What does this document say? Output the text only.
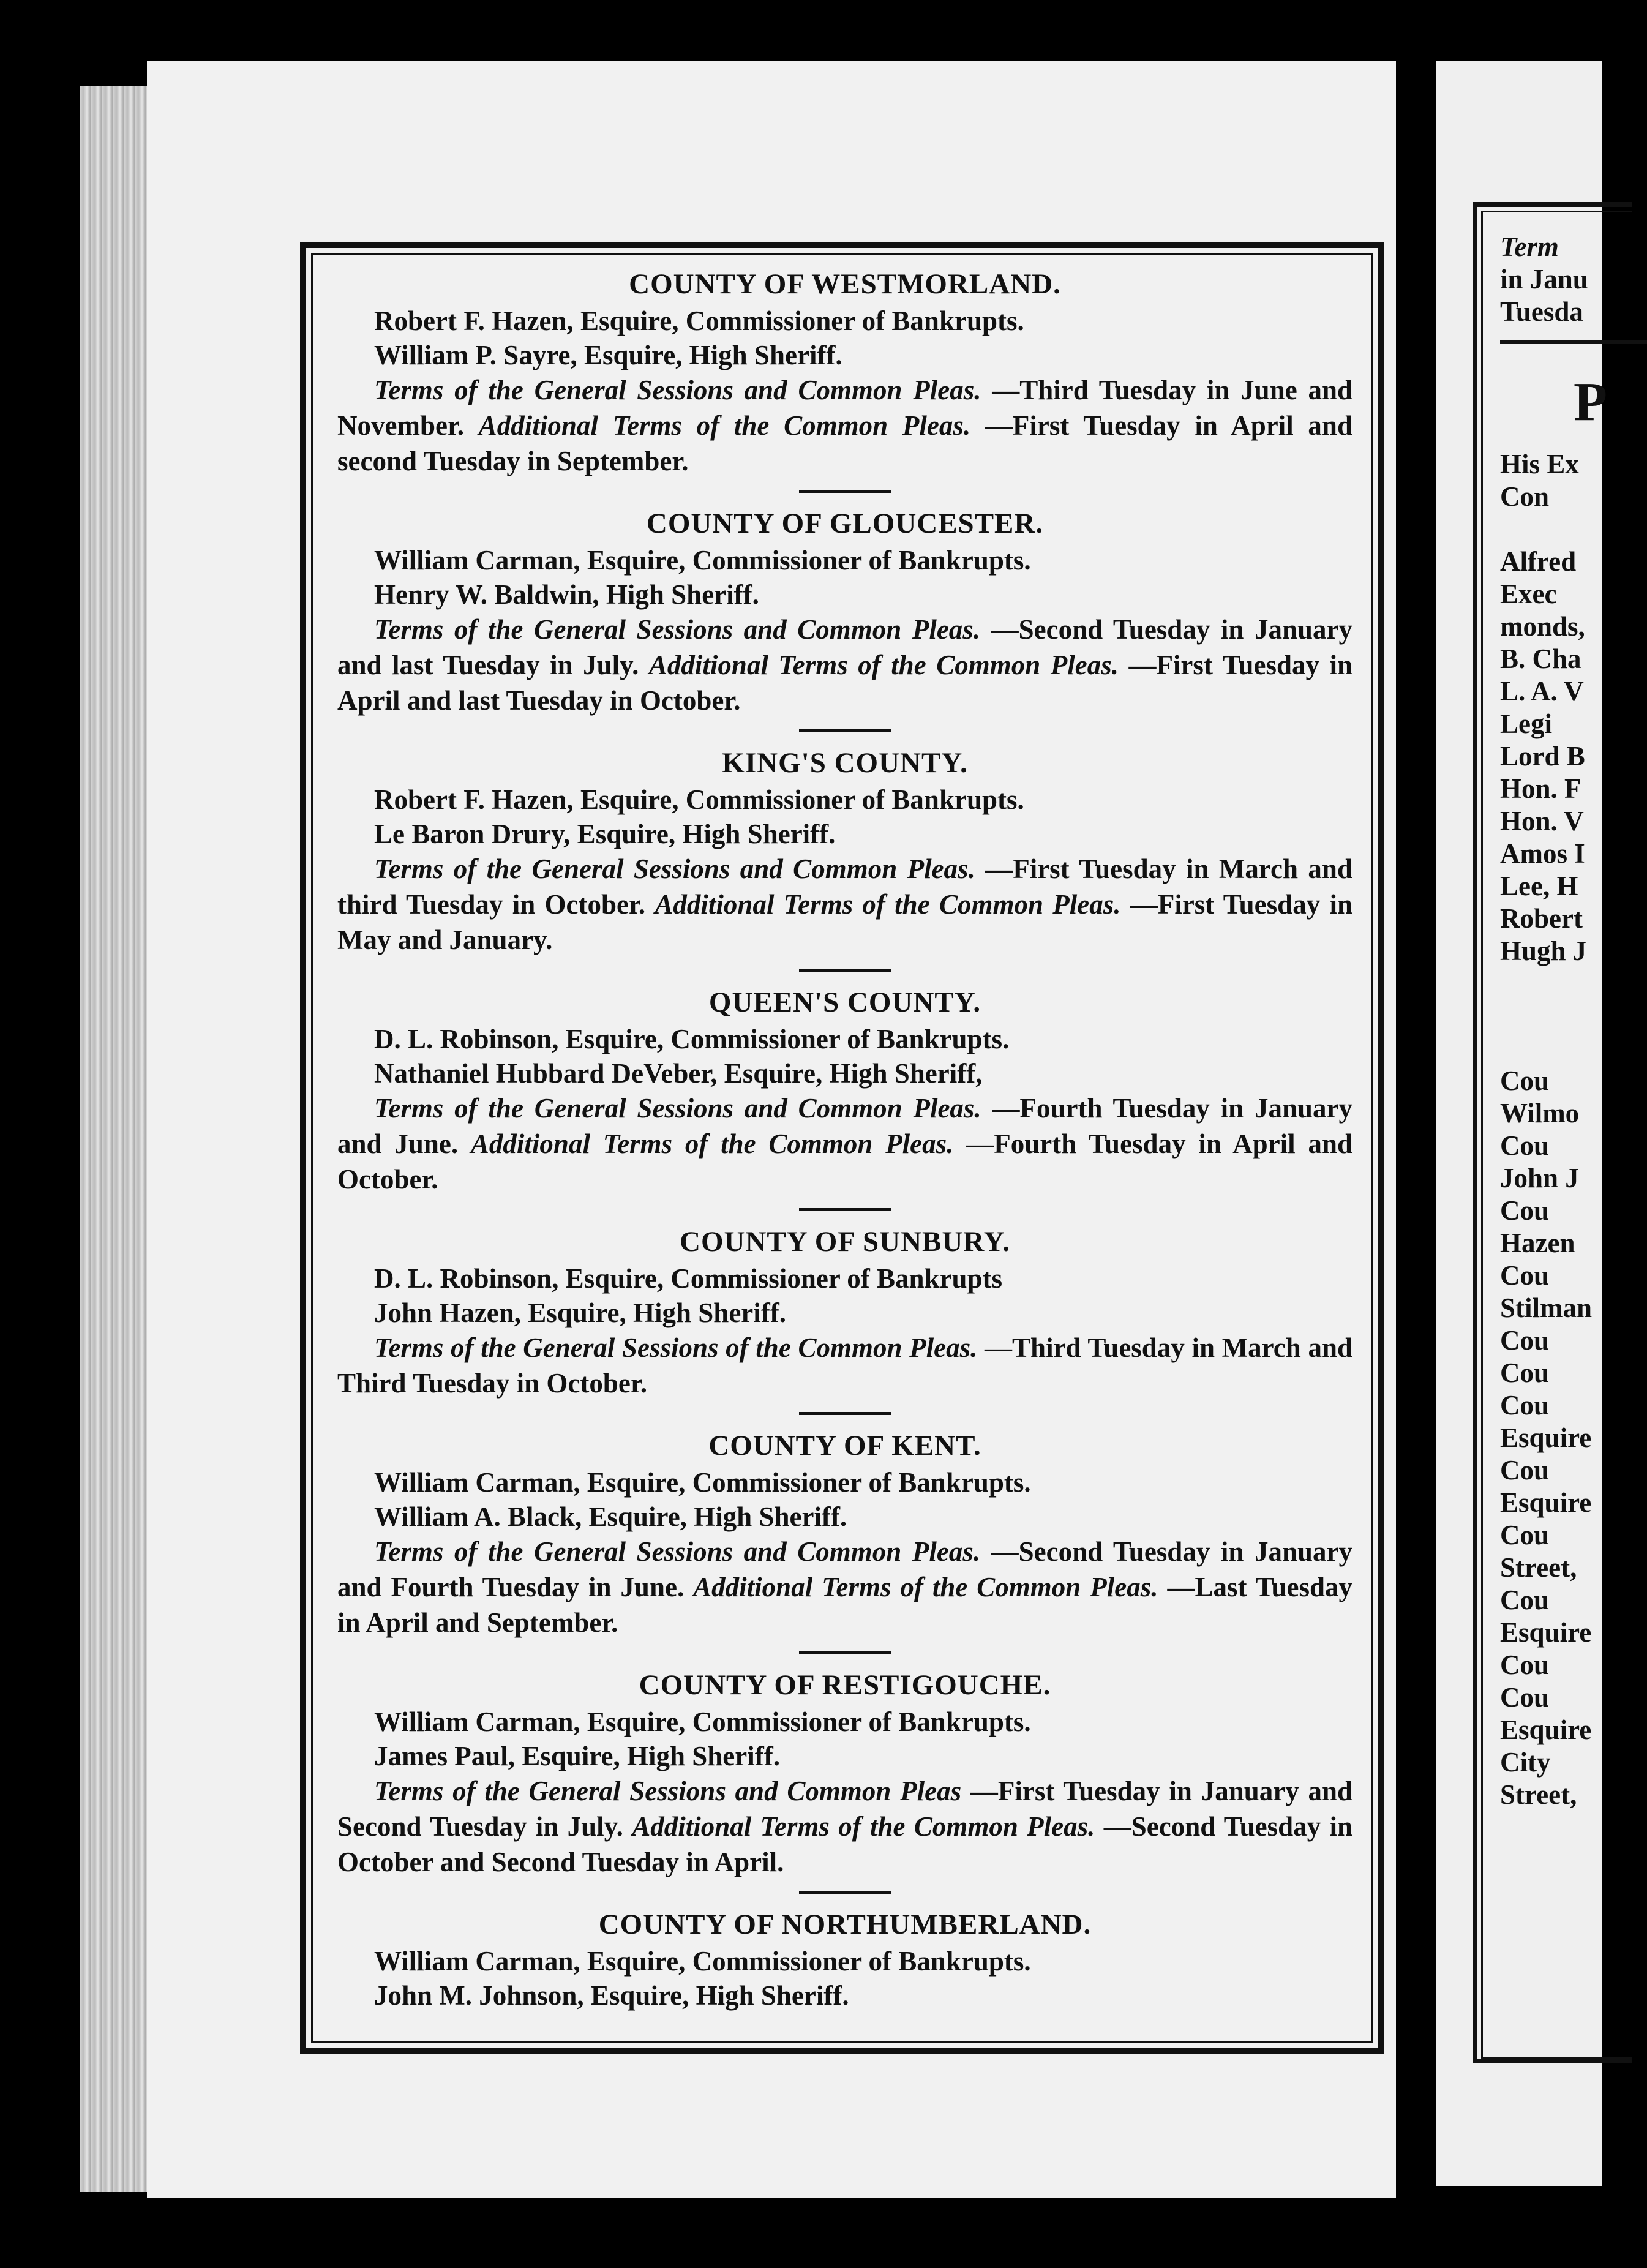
COUNTY OF WESTMORLAND.
Robert F. Hazen, Esquire, Commissioner of Bankrupts.
William P. Sayre, Esquire, High Sheriff.
Terms of the General Sessions and Common Pleas. —Third Tuesday in June and November. Additional Terms of the Common Pleas. —First Tuesday in April and second Tuesday in September.
COUNTY OF GLOUCESTER.
William Carman, Esquire, Commissioner of Bankrupts.
Henry W. Baldwin, High Sheriff.
Terms of the General Sessions and Common Pleas. —Second Tuesday in January and last Tuesday in July. Additional Terms of the Common Pleas. —First Tuesday in April and last Tuesday in October.
KING'S COUNTY.
Robert F. Hazen, Esquire, Commissioner of Bankrupts.
Le Baron Drury, Esquire, High Sheriff.
Terms of the General Sessions and Common Pleas. —First Tuesday in March and third Tuesday in October. Additional Terms of the Common Pleas. —First Tuesday in May and January.
QUEEN'S COUNTY.
D. L. Robinson, Esquire, Commissioner of Bankrupts.
Nathaniel Hubbard DeVeber, Esquire, High Sheriff,
Terms of the General Sessions and Common Pleas. —Fourth Tuesday in January and June. Additional Terms of the Common Pleas. —Fourth Tuesday in April and October.
COUNTY OF SUNBURY.
D. L. Robinson, Esquire, Commissioner of Bankrupts
John Hazen, Esquire, High Sheriff.
Terms of the General Sessions of the Common Pleas. —Third Tuesday in March and Third Tuesday in October.
COUNTY OF KENT.
William Carman, Esquire, Commissioner of Bankrupts.
William A. Black, Esquire, High Sheriff.
Terms of the General Sessions and Common Pleas. —Second Tuesday in January and Fourth Tuesday in June. Additional Terms of the Common Pleas. —Last Tuesday in April and September.
COUNTY OF RESTIGOUCHE.
William Carman, Esquire, Commissioner of Bankrupts.
James Paul, Esquire, High Sheriff.
Terms of the General Sessions and Common Pleas —First Tuesday in January and Second Tuesday in July. Additional Terms of the Common Pleas. —Second Tuesday in October and Second Tuesday in April.
COUNTY OF NORTHUMBERLAND.
William Carman, Esquire, Commissioner of Bankrupts.
John M. Johnson, Esquire, High Sheriff.
Term
in Janu
Tuesda
P
His Ex
Con
Alfred
Exec
monds,
B. Cha
L. A. V
Legi
Lord B
Hon. F
Hon. V
Amos I
Lee, H
Robert
Hugh J
Cou
Wilmo
Cou
John J
Cou
Hazen
Cou
Stilman
Cou
Cou
Cou
Esquire
Cou
Esquire
Cou
Street,
Cou
Esquire
Cou
Cou
Esquire
City
Street,
